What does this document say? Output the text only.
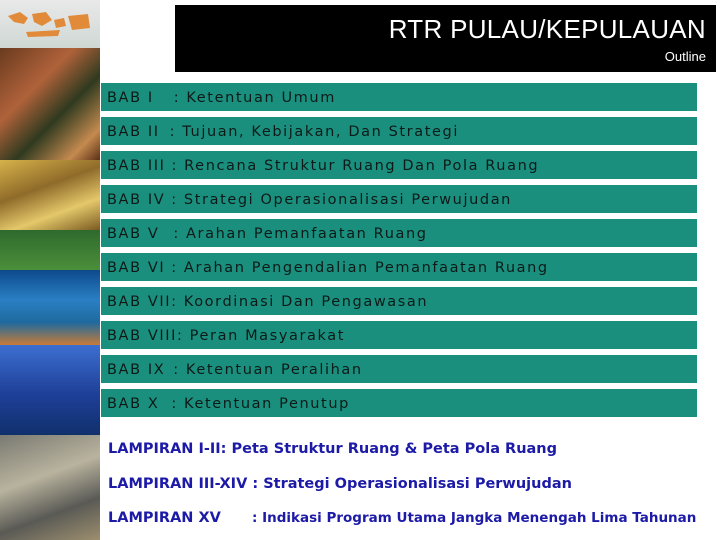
RTR PULAU/KEPULAUAN
Outline
BAB I : Ketentuan Umum
BAB II : Tujuan, Kebijakan, Dan Strategi
BAB III : Rencana Struktur Ruang Dan Pola Ruang
BAB IV : Strategi Operasionalisasi Perwujudan
BAB V : Arahan Pemanfaatan Ruang
BAB VI : Arahan Pengendalian Pemanfaatan Ruang
BAB VII: Koordinasi Dan Pengawasan
BAB VIII: Peran Masyarakat
BAB IX : Ketentuan Peralihan
BAB X : Ketentuan Penutup
LAMPIRAN I-II: Peta Struktur Ruang & Peta Pola Ruang
LAMPIRAN III-XIV : Strategi Operasionalisasi Perwujudan
LAMPIRAN XV : Indikasi Program Utama Jangka Menengah Lima Tahunan
